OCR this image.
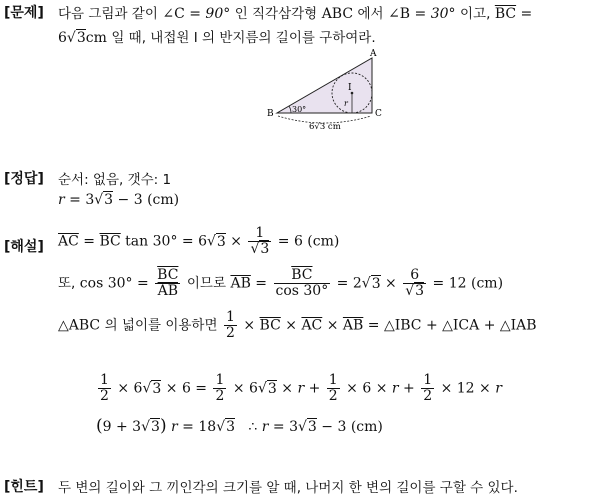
[문제] 다음 그림과 같이 ∠C = 90° 인 직각삼각형 ABC 에서 ∠B = 30° 이고, $\overline{BC}$ =
6√3cm 일 때, 내접원 I 의 반지름의 길이를 구하여라.
A
B	C
I
r
30°
6√3 cm
[정답] 순서: 없음, 갯수: 1
r = 3√3 − 3 (cm)
[해설] $\overline{AC} = \overline{BC}$ $\tan 30^\circ = 6√3 \times \frac{1}{√3} = 6$ (cm)
또, $\cos 30^\circ = \frac{\overline{BC}}{AB}$ 이므로 $\overline{AB} = \frac{\overline{BC}}{\cos 30^\circ} = 2√3 \times \frac{6}{√3} = 12$ (cm)
△ABC 의 넓이를 이용하면 $\frac{1}{2} \times \overline{BC} \times \overline{AC} \times \overline{AB}$ = △IBC + △ICA + △IAB
$\frac{1}{2} \times 6√3 \times 6 = \frac{1}{2} \times 6√3 \times r + \frac{1}{2} \times 6 \times r + \frac{1}{2} \times 12 \times r$
(9 + 3√3) r = 18√3   ∴ r = 3√3 − 3 (cm)
[힌트] 두 변의 길이와 그 끼인각의 크기를 알 때, 나머지 한 변의 길이를 구할 수 있다.
